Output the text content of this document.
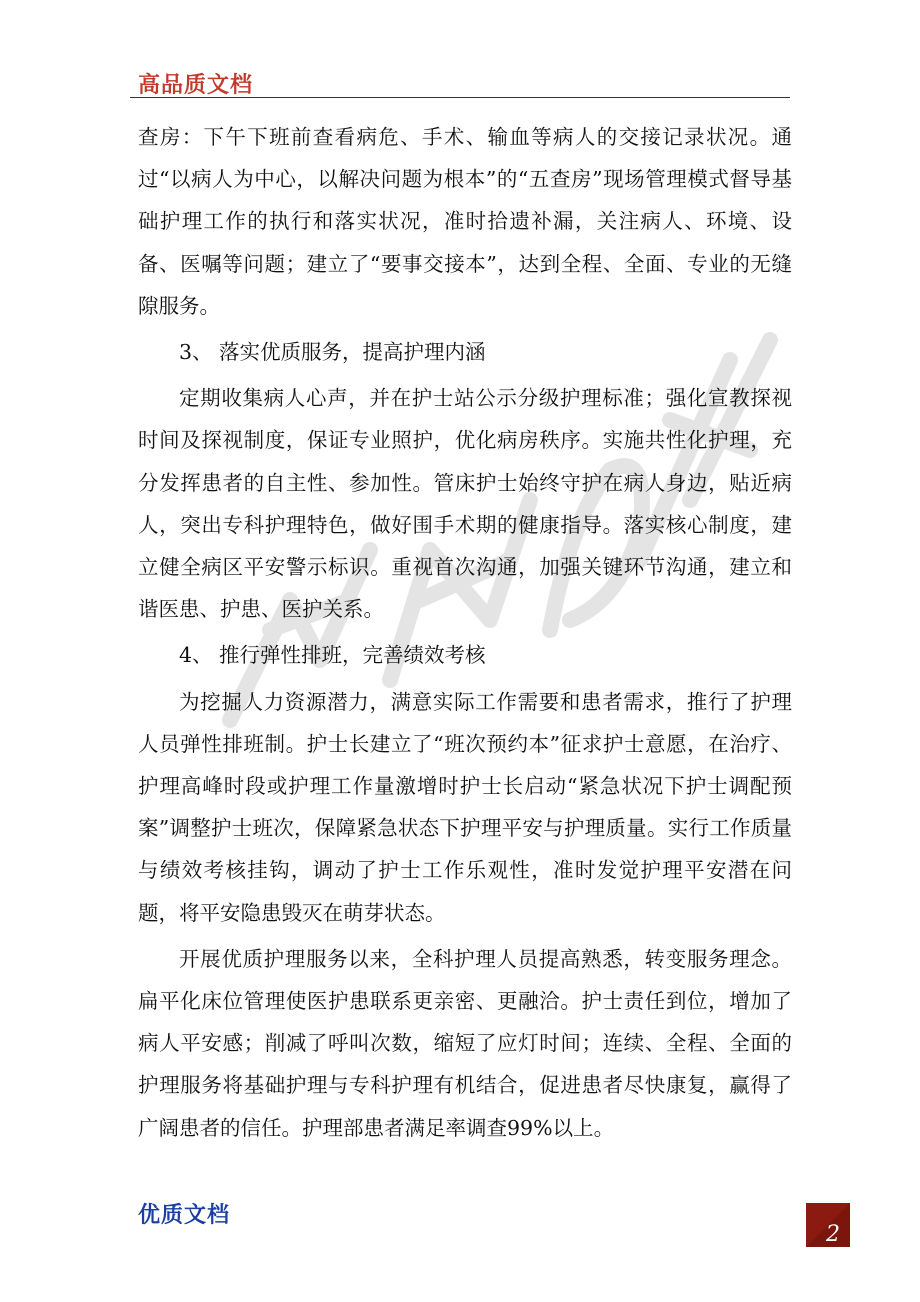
高品质文档

查房：下午下班前查看病危、手术、输血等病人的交接记录状况。通过“以病人为中心，以解决问题为根本”的“五查房”现场管理模式督导基础护理工作的执行和落实状况，准时拾遗补漏，关注病人、环境、设备、医嘱等问题；建立了“要事交接本”，达到全程、全面、专业的无缝隙服务。

3、 落实优质服务，提高护理内涵

定期收集病人心声，并在护士站公示分级护理标准；强化宣教探视时间及探视制度，保证专业照护，优化病房秩序。实施共性化护理，充分发挥患者的自主性、参加性。管床护士始终守护在病人身边，贴近病人，突出专科护理特色，做好围手术期的健康指导。落实核心制度，建立健全病区平安警示标识。重视首次沟通，加强关键环节沟通，建立和谐医患、护患、医护关系。

4、 推行弹性排班，完善绩效考核

为挖掘人力资源潜力，满意实际工作需要和患者需求，推行了护理人员弹性排班制。护士长建立了“班次预约本”征求护士意愿，在治疗、护理高峰时段或护理工作量激增时护士长启动“紧急状况下护士调配预案”调整护士班次，保障紧急状态下护理平安与护理质量。实行工作质量与绩效考核挂钩，调动了护士工作乐观性，准时发觉护理平安潜在问题，将平安隐患毁灭在萌芽状态。

开展优质护理服务以来，全科护理人员提高熟悉，转变服务理念。扁平化床位管理使医护患联系更亲密、更融洽。护士责任到位，增加了病人平安感；削减了呼叫次数，缩短了应灯时间；连续、全程、全面的护理服务将基础护理与专科护理有机结合，促进患者尽快康复，赢得了广阔患者的信任。护理部患者满足率调查99%以上。

优质文档
2
